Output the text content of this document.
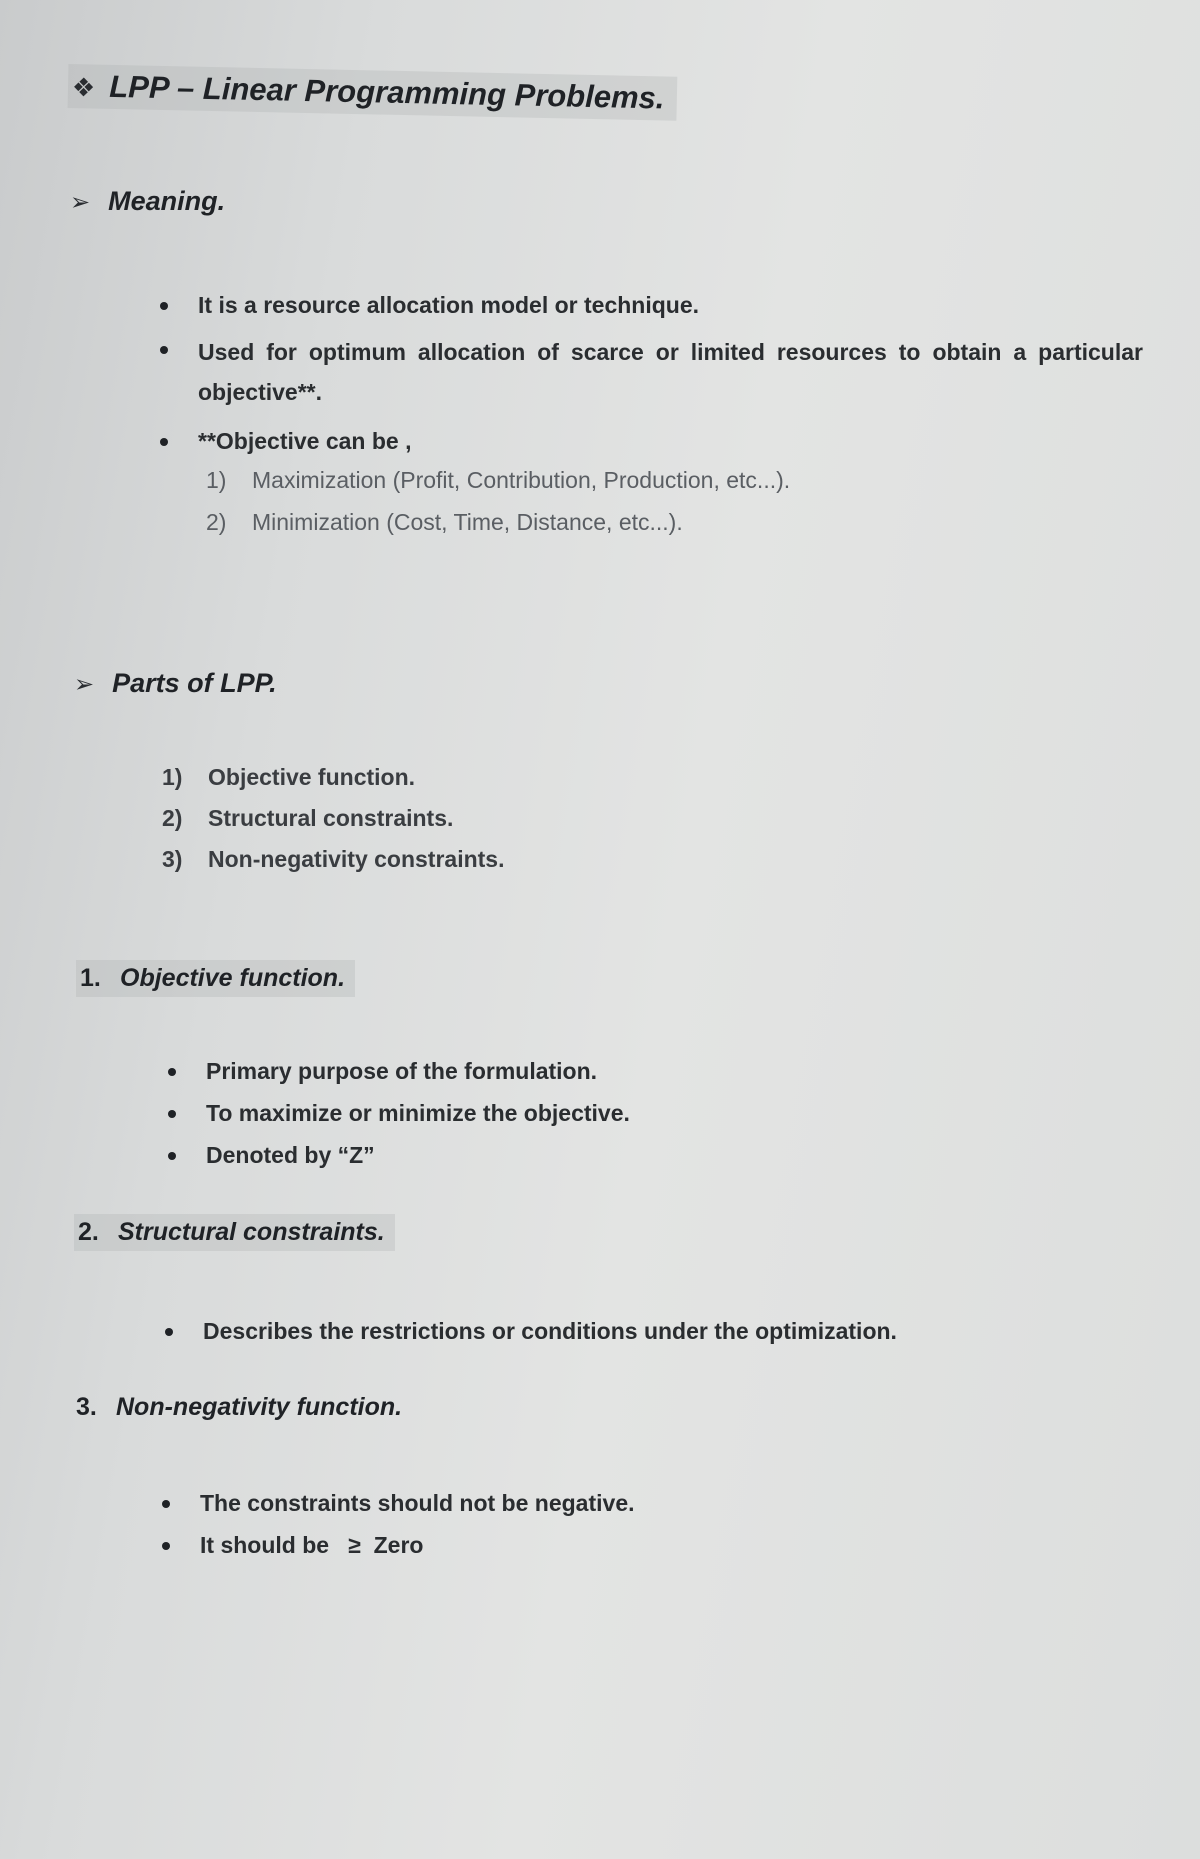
❖ LPP – Linear Programming Problems.
➢ Meaning.
It is a resource allocation model or technique.
Used for optimum allocation of scarce or limited resources to obtain a particular objective**.
**Objective can be ,
1) Maximization (Profit, Contribution, Production, etc...).
2) Minimization (Cost, Time, Distance, etc...).
➢ Parts of LPP.
1) Objective function.
2) Structural constraints.
3) Non-negativity constraints.
1. Objective function.
Primary purpose of the formulation.
To maximize or minimize the objective.
Denoted by “Z”
2. Structural constraints.
Describes the restrictions or conditions under the optimization.
3. Non-negativity function.
The constraints should not be negative.
It should be   ≥  Zero
